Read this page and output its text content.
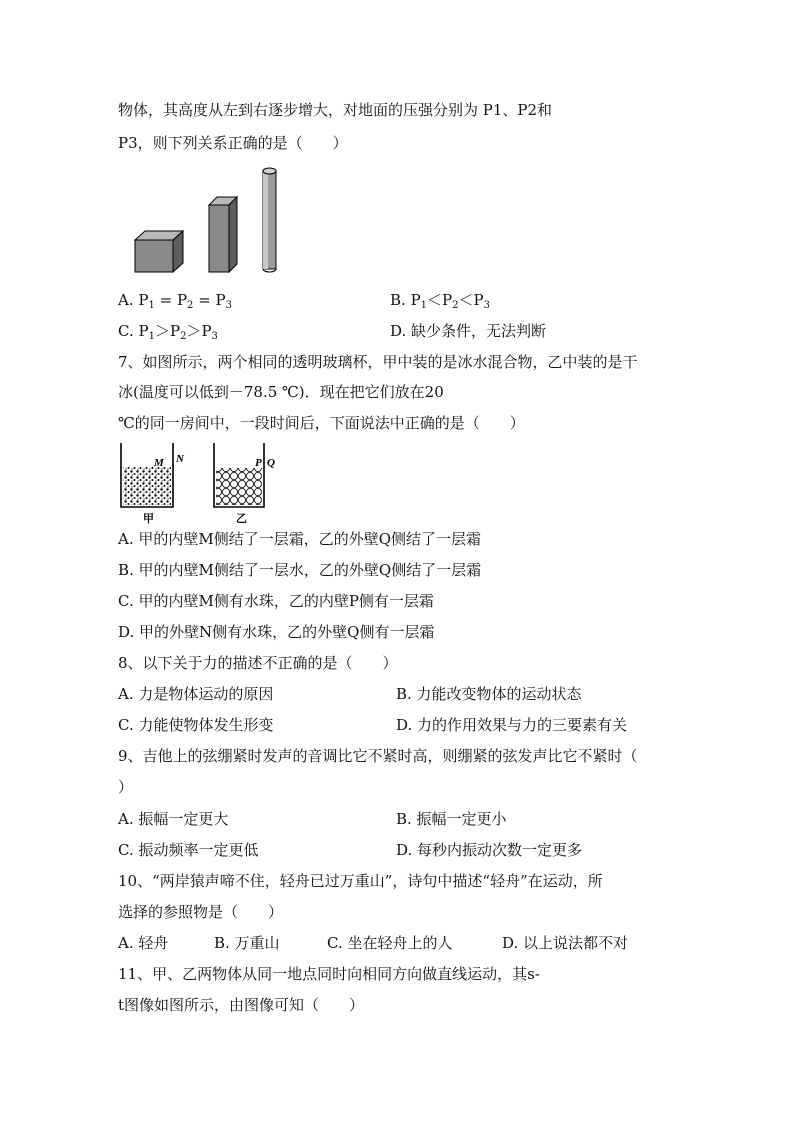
物体，其高度从左到右逐步增大，对地面的压强分别为 P1、P2和
P3，则下列关系正确的是（　　）
A. $P_1 = P_2 = P_3$	B. $P_1<P_2<P_3$
C. $P_1>P_2>P_3$	D. 缺少条件，无法判断
7、如图所示，两个相同的透明玻璃杯，甲中装的是冰水混合物，乙中装的是干
冰(温度可以低到－78.5 ℃)．现在把它们放在20
℃的同一房间中，一段时间后，下面说法中正确的是（　　）
M N
甲
P Q
乙
A. 甲的内壁M侧结了一层霜，乙的外壁Q侧结了一层霜
B. 甲的内壁M侧结了一层水，乙的外壁Q侧结了一层霜
C. 甲的内壁M侧有水珠，乙的内壁P侧有一层霜
D. 甲的外壁N侧有水珠，乙的外壁Q侧有一层霜
8、以下关于力的描述不正确的是（　　）
A. 力是物体运动的原因	B. 力能改变物体的运动状态
C. 力能使物体发生形变	D. 力的作用效果与力的三要素有关
9、吉他上的弦绷紧时发声的音调比它不紧时高，则绷紧的弦发声比它不紧时（
）
A. 振幅一定更大	B. 振幅一定更小
C. 振动频率一定更低	D. 每秒内振动次数一定更多
10、“两岸猿声啼不住，轻舟已过万重山”，诗句中描述“轻舟”在运动，所
选择的参照物是（　　）
A. 轻舟	B. 万重山	C. 坐在轻舟上的人	D. 以上说法都不对
11、甲、乙两物体从同一地点同时向相同方向做直线运动，其s-
t图像如图所示，由图像可知（　　）
